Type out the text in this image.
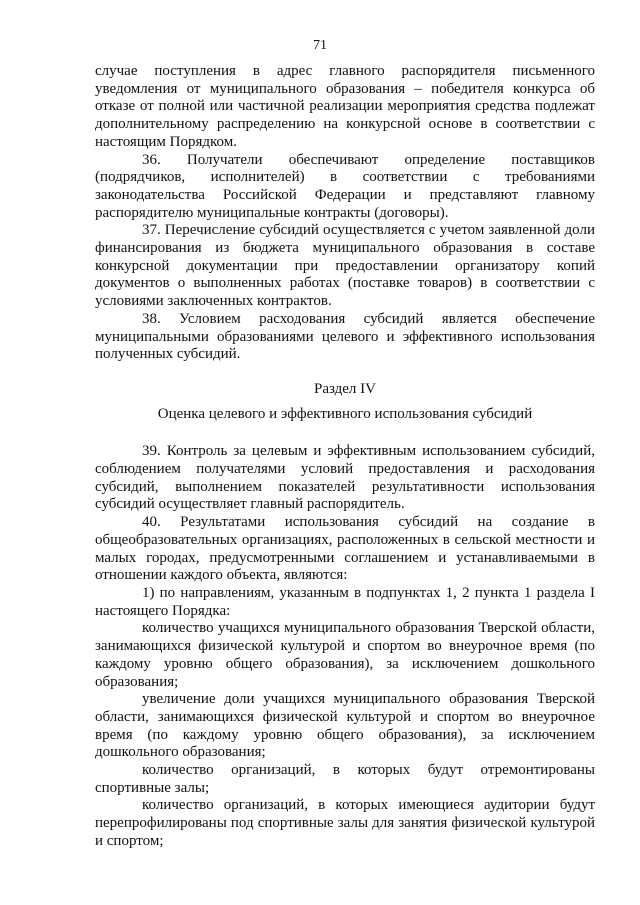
71

случае поступления в адрес главного распорядителя письменного уведомления от муниципального образования – победителя конкурса об отказе от полной или частичной реализации мероприятия средства подлежат дополнительному распределению на конкурсной основе в соответствии с настоящим Порядком.

36. Получатели обеспечивают определение поставщиков (подрядчиков, исполнителей) в соответствии с требованиями законодательства Российской Федерации и представляют главному распорядителю муниципальные контракты (договоры).

37. Перечисление субсидий осуществляется с учетом заявленной доли финансирования из бюджета муниципального образования в составе конкурсной документации при предоставлении организатору копий документов о выполненных работах (поставке товаров) в соответствии с условиями заключенных контрактов.

38. Условием расходования субсидий является обеспечение муниципальными образованиями целевого и эффективного использования полученных субсидий.

Раздел IV

Оценка целевого и эффективного использования субсидий

39. Контроль за целевым и эффективным использованием субсидий, соблюдением получателями условий предоставления и расходования субсидий, выполнением показателей результативности использования субсидий осуществляет главный распорядитель.

40. Результатами использования субсидий на создание в общеобразовательных организациях, расположенных в сельской местности и малых городах, предусмотренными соглашением и устанавливаемыми в отношении каждого объекта, являются:

1) по направлениям, указанным в подпунктах 1, 2 пункта 1 раздела I настоящего Порядка:

количество учащихся муниципального образования Тверской области, занимающихся физической культурой и спортом во внеурочное время (по каждому уровню общего образования), за исключением дошкольного образования;

увеличение доли учащихся муниципального образования Тверской области, занимающихся физической культурой и спортом во внеурочное время (по каждому уровню общего образования), за исключением дошкольного образования;

количество организаций, в которых будут отремонтированы спортивные залы;

количество организаций, в которых имеющиеся аудитории будут перепрофилированы под спортивные залы для занятия физической культурой и спортом;
